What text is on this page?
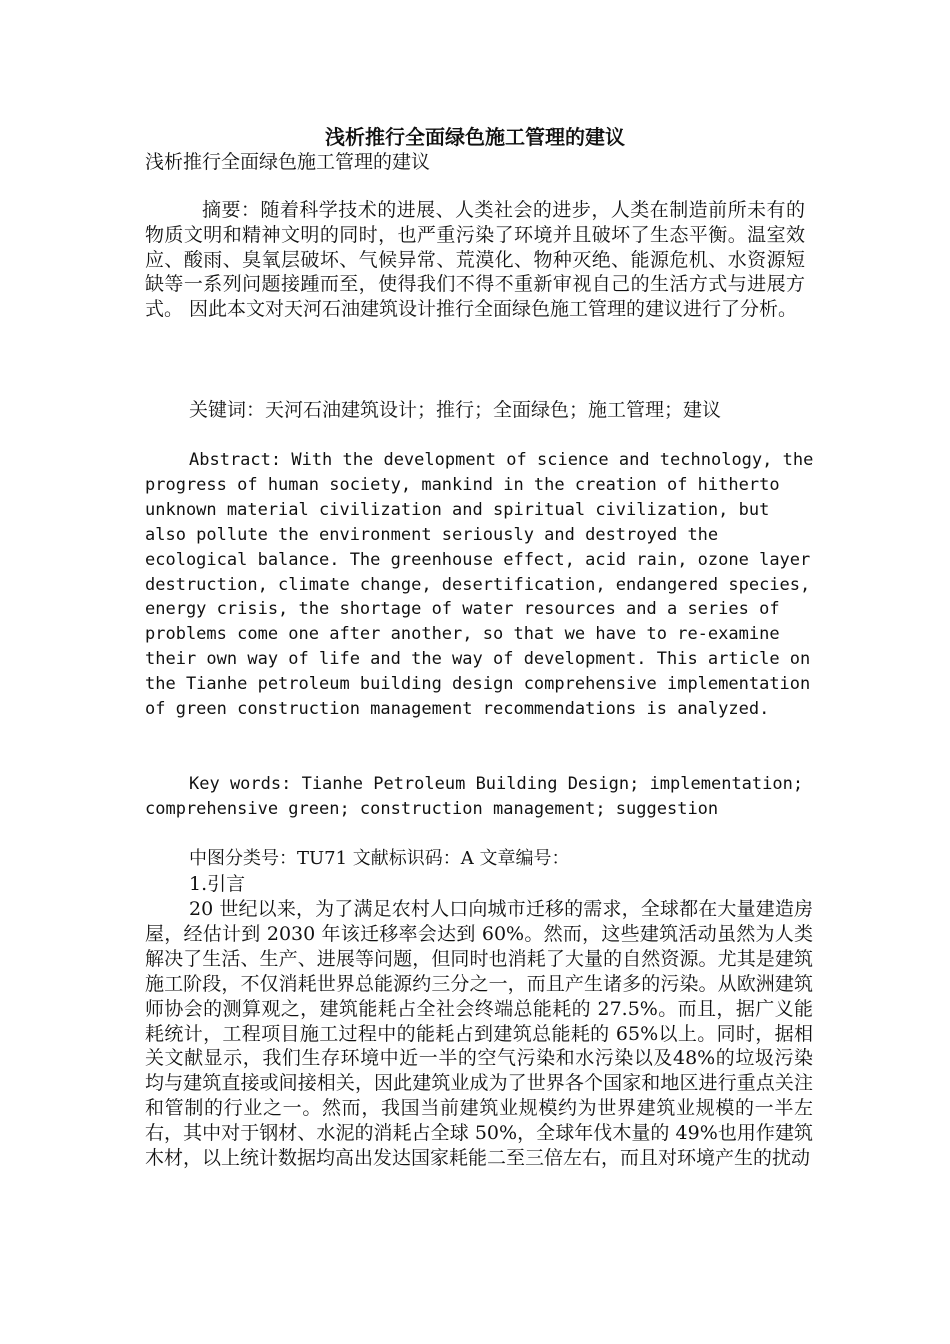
浅析推行全面绿色施工管理的建议
浅析推行全面绿色施工管理的建议

摘要：随着科学技术的进展、人类社会的进步，人类在制造前所未有的物质文明和精神文明的同时，也严重污染了环境并且破坏了生态平衡。温室效应、酸雨、臭氧层破坏、气候异常、荒漠化、物种灭绝、能源危机、水资源短缺等一系列问题接踵而至，使得我们不得不重新审视自己的生活方式与进展方式。 因此本文对天河石油建筑设计推行全面绿色施工管理的建议进行了分析。

关键词：天河石油建筑设计；推行；全面绿色；施工管理；建议

Abstract: With the development of science and technology, the progress of human society, mankind in the creation of hitherto unknown material civilization and spiritual civilization, but also pollute the environment seriously and destroyed the ecological balance. The greenhouse effect, acid rain, ozone layer destruction, climate change, desertification, endangered species, energy crisis, the shortage of water resources and a series of problems come one after another, so that we have to re-examine their own way of life and the way of development. This article on the Tianhe petroleum building design comprehensive implementation of green construction management recommendations is analyzed.

Key words: Tianhe Petroleum Building Design; implementation; comprehensive green; construction management; suggestion

中图分类号：TU71 文献标识码：A 文章编号：
1.引言

20 世纪以来，为了满足农村人口向城市迁移的需求，全球都在大量建造房屋，经估计到 2030 年该迁移率会达到 60%。然而，这些建筑活动虽然为人类解决了生活、生产、进展等问题，但同时也消耗了大量的自然资源。尤其是建筑施工阶段，不仅消耗世界总能源约三分之一，而且产生诸多的污染。从欧洲建筑师协会的测算观之，建筑能耗占全社会终端总能耗的 27.5%。而且，据广义能耗统计，工程项目施工过程中的能耗占到建筑总能耗的 65%以上。同时，据相关文献显示，我们生存环境中近一半的空气污染和水污染以及48%的垃圾污染均与建筑直接或间接相关，因此建筑业成为了世界各个国家和地区进行重点关注和管制的行业之一。然而，我国当前建筑业规模约为世界建筑业规模的一半左右，其中对于钢材、水泥的消耗占全球 50%，全球年伐木量的 49%也用作建筑木材，以上统计数据均高出发达国家耗能二至三倍左右，而且对环境产生的扰动
